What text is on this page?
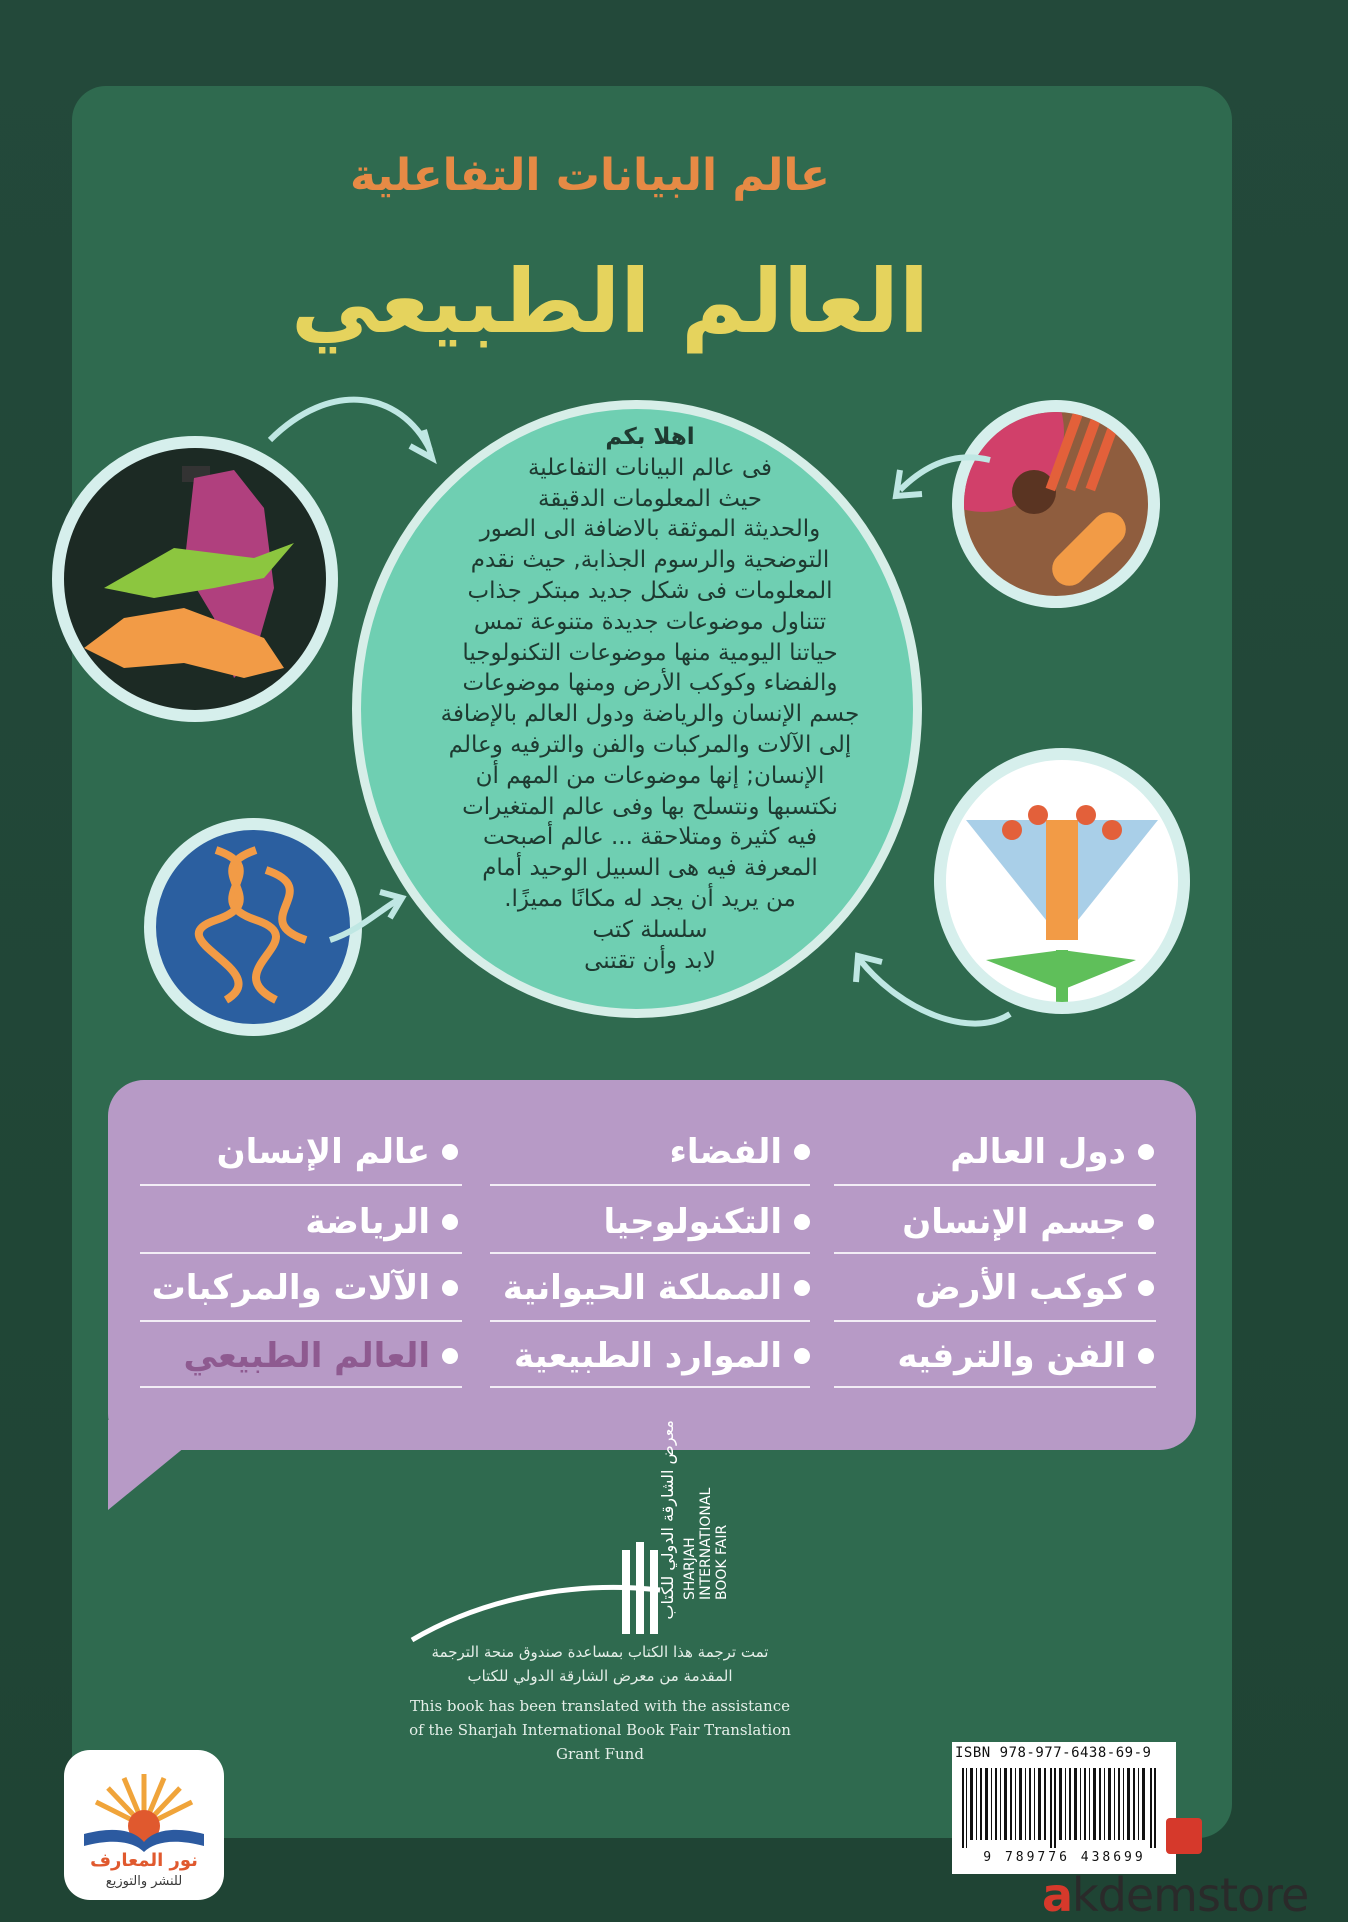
عالم البيانات التفاعلية
العالم الطبيعي
اهلا بكم
فى عالم البيانات التفاعلية
حيث المعلومات الدقيقة
والحديثة الموثقة بالاضافة الى الصور
التوضحية والرسوم الجذابة, حيث نقدم
المعلومات فى شكل جديد مبتكر جذاب
تتناول موضوعات جديدة متنوعة تمس
حياتنا اليومية منها موضوعات التكنولوجيا
والفضاء وكوكب الأرض ومنها موضوعات
جسم الإنسان والرياضة ودول العالم بالإضافة
إلى الآلات والمركبات والفن والترفيه وعالم
الإنسان; إنها موضوعات من المهم أن
نكتسبها ونتسلح بها وفى عالم المتغيرات
فيه كثيرة ومتلاحقة ... عالم أصبحت
المعرفة فيه هى السبيل الوحيد أمام
من يريد أن يجد له مكانًا مميزًا.
سلسلة كتب
لابد وأن تقتنى
دول العالم
الفضاء
عالم الإنسان
جسم الإنسان
التكنولوجيا
الرياضة
كوكب الأرض
المملكة الحيوانية
الآلات والمركبات
الفن والترفيه
الموارد الطبيعية
العالم الطبيعي
معرض الشارقة الدولي للكتاب SHARJAH INTERNATIONAL BOOK FAIR
تمت ترجمة هذا الكتاب بمساعدة صندوق منحة الترجمة
المقدمة من معرض الشارقة الدولي للكتاب
This book has been translated with the assistance
of the Sharjah International Book Fair Translation
Grant Fund	ISBN 978-977-6438-69-9
9 789776 438699
نور المعارف
للنشر والتوزيع	akdemstore
